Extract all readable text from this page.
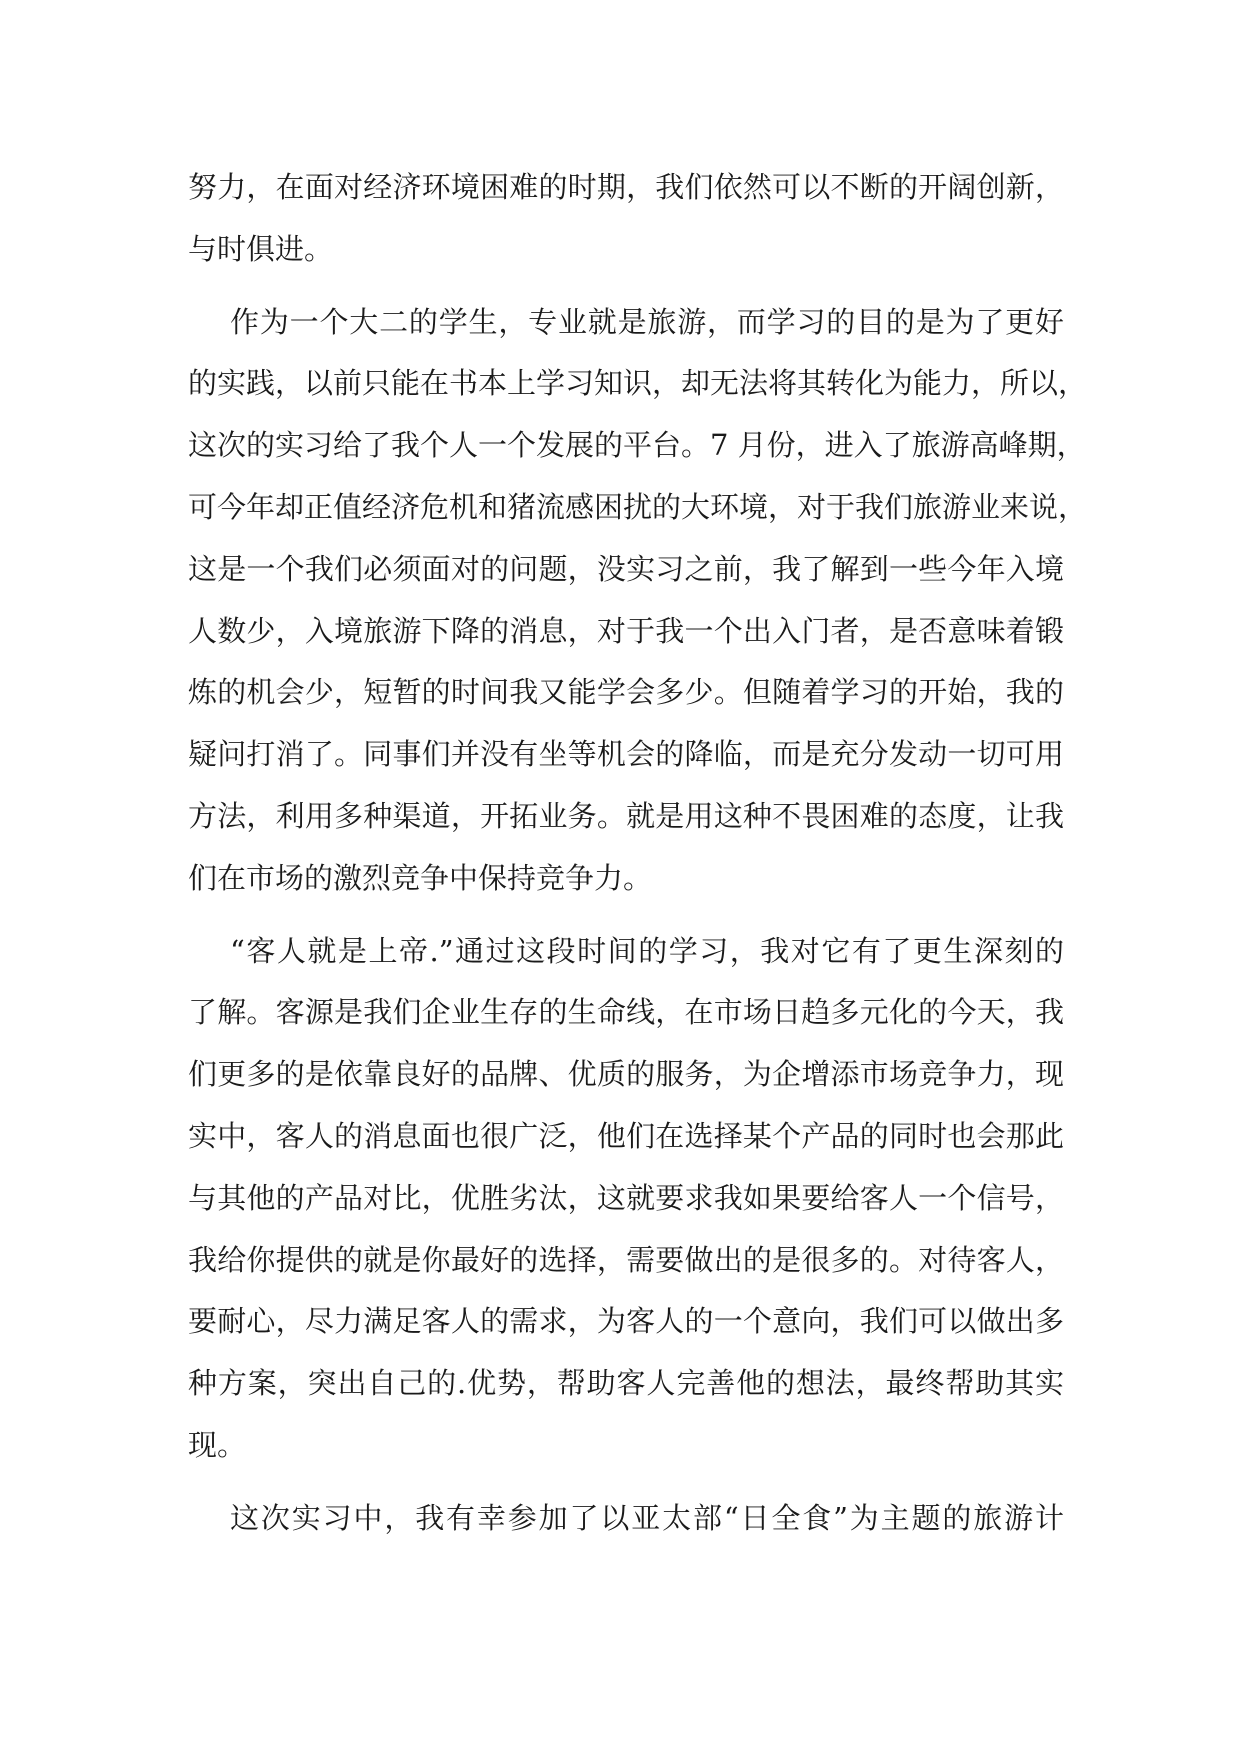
努力，在面对经济环境困难的时期，我们依然可以不断的开阔创新，
与时俱进。
作为一个大二的学生，专业就是旅游，而学习的目的是为了更好
的实践，以前只能在书本上学习知识，却无法将其转化为能力，所以，
这次的实习给了我个人一个发展的平台。7 月份，进入了旅游高峰期，
可今年却正值经济危机和猪流感困扰的大环境，对于我们旅游业来说，
这是一个我们必须面对的问题，没实习之前，我了解到一些今年入境
人数少，入境旅游下降的消息，对于我一个出入门者，是否意味着锻
炼的机会少，短暂的时间我又能学会多少。但随着学习的开始，我的
疑问打消了。同事们并没有坐等机会的降临，而是充分发动一切可用
方法，利用多种渠道，开拓业务。就是用这种不畏困难的态度，让我
们在市场的激烈竞争中保持竞争力。
“客人就是上帝.”通过这段时间的学习，我对它有了更生深刻的
了解。客源是我们企业生存的生命线，在市场日趋多元化的今天，我
们更多的是依靠良好的品牌、优质的服务，为企增添市场竞争力，现
实中，客人的消息面也很广泛，他们在选择某个产品的同时也会那此
与其他的产品对比，优胜劣汰，这就要求我如果要给客人一个信号，
我给你提供的就是你最好的选择，需要做出的是很多的。对待客人，
要耐心，尽力满足客人的需求，为客人的一个意向，我们可以做出多
种方案，突出自己的.优势，帮助客人完善他的想法，最终帮助其实
现。
这次实习中，我有幸参加了以亚太部“日全食”为主题的旅游计
